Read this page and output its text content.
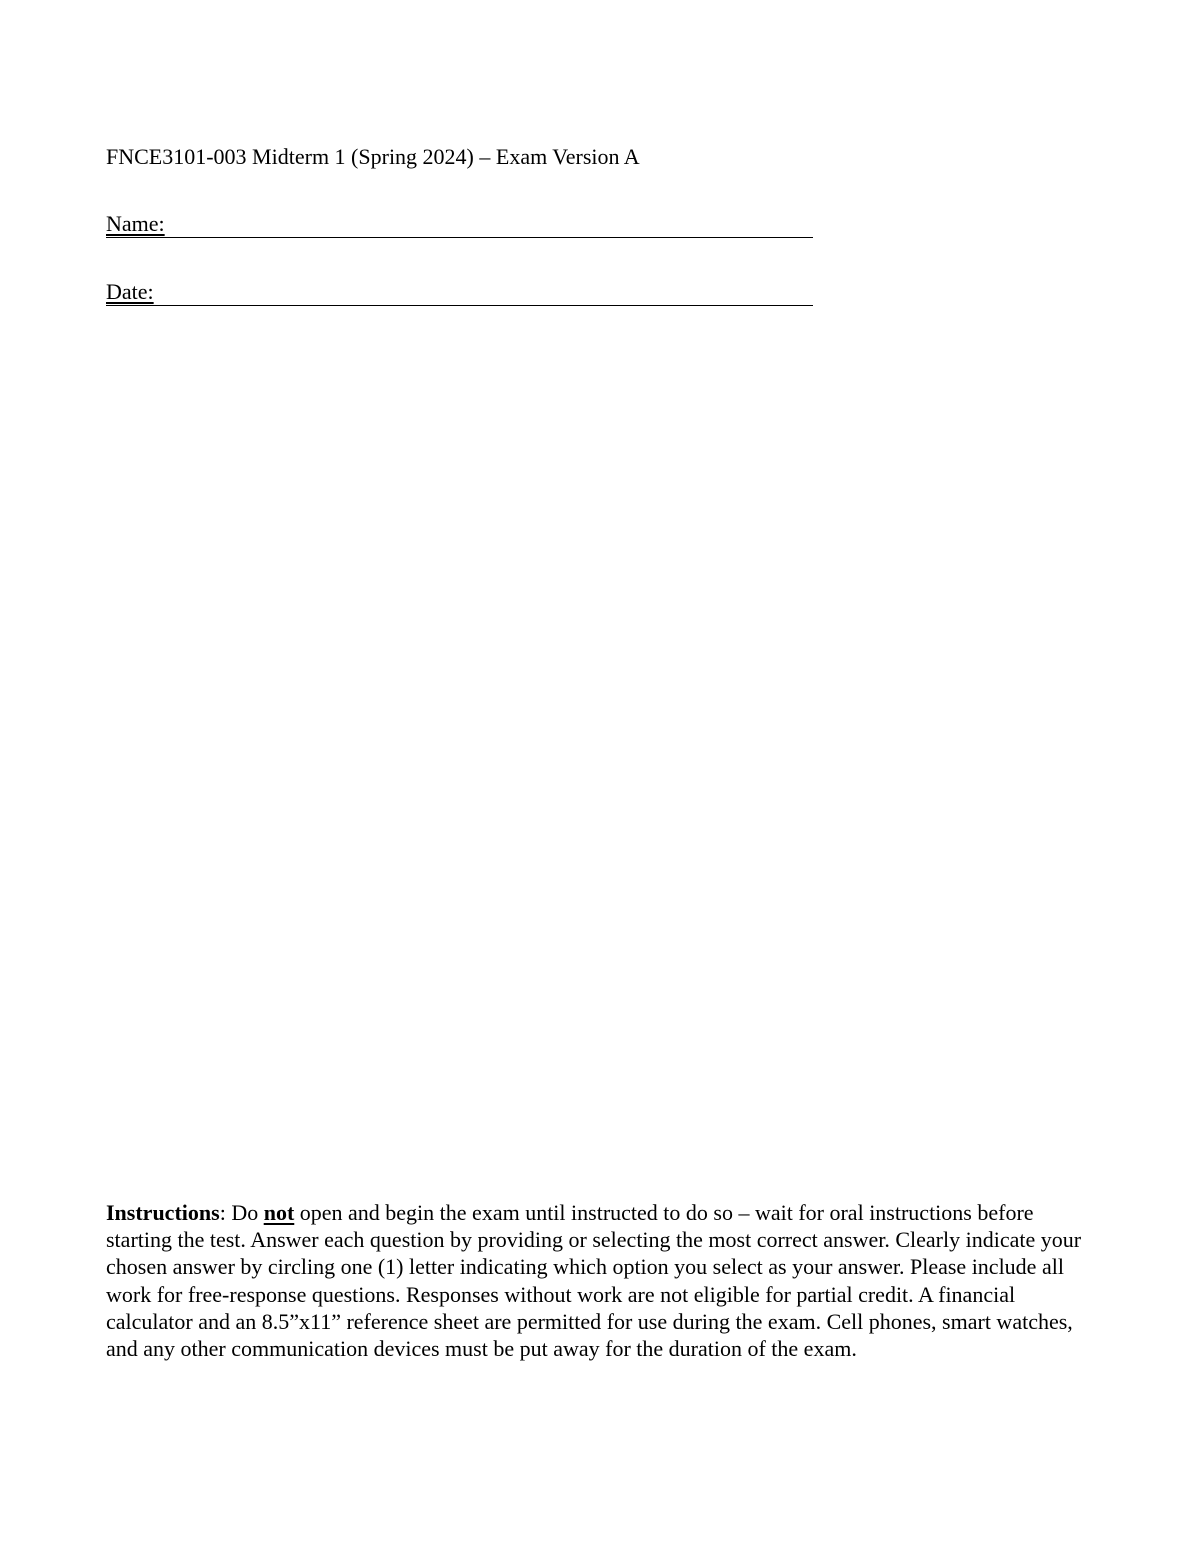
FNCE3101-003 Midterm 1 (Spring 2024) – Exam Version A
Name:
Date:

Instructions: Do not open and begin the exam until instructed to do so – wait for oral instructions before starting the test. Answer each question by providing or selecting the most correct answer. Clearly indicate your chosen answer by circling one (1) letter indicating which option you select as your answer. Please include all work for free-response questions. Responses without work are not eligible for partial credit. A financial calculator and an 8.5”x11” reference sheet are permitted for use during the exam. Cell phones, smart watches, and any other communication devices must be put away for the duration of the exam.
